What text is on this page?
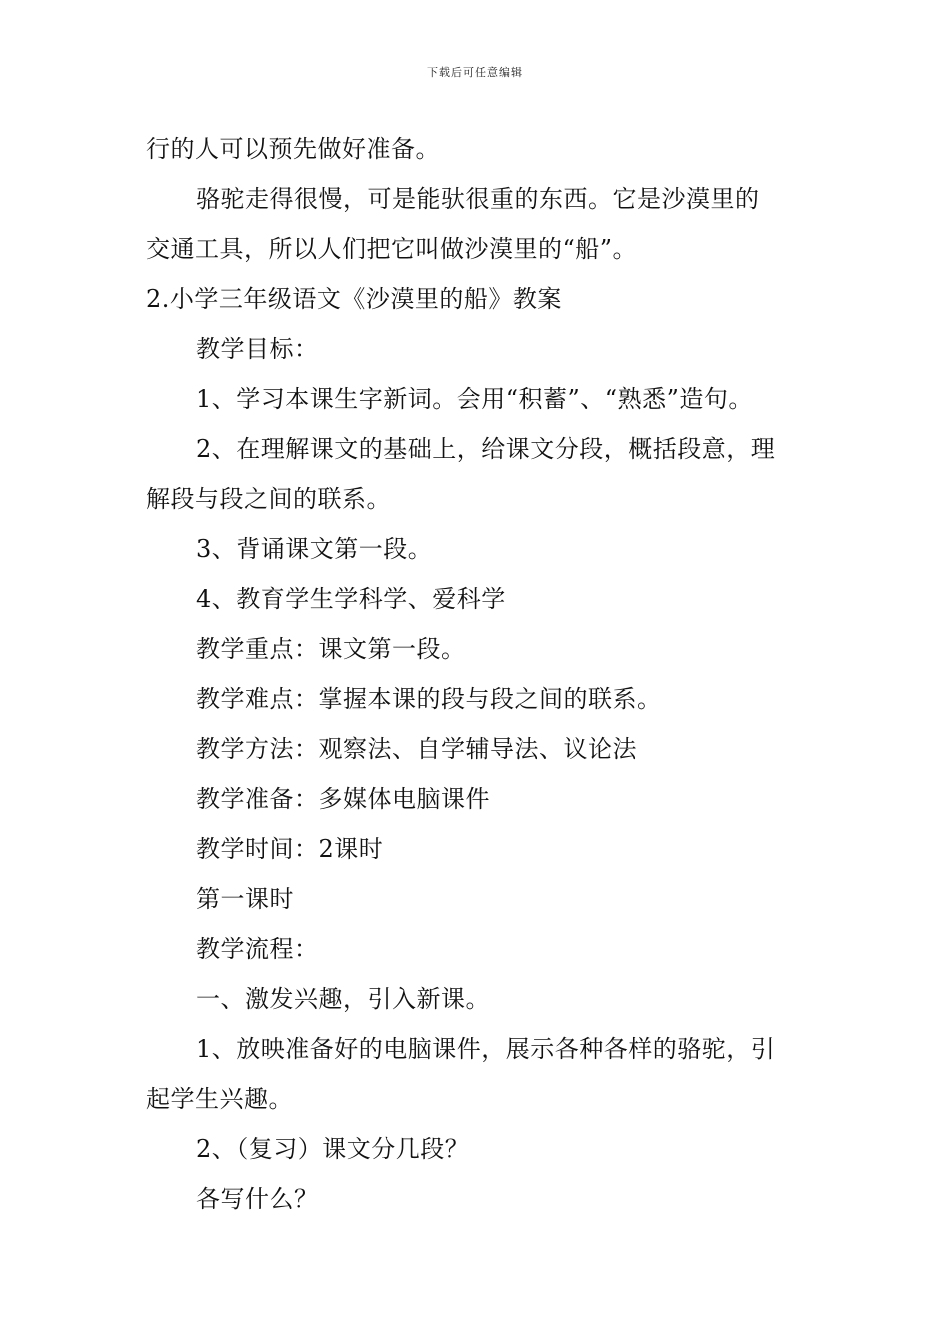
下载后可任意编辑
行的人可以预先做好准备。
骆驼走得很慢，可是能驮很重的东西。它是沙漠里的
交通工具，所以人们把它叫做沙漠里的“船”。
2.小学三年级语文《沙漠里的船》教案
教学目标：
1、学习本课生字新词。会用“积蓄”、“熟悉”造句。
2、在理解课文的基础上，给课文分段，概括段意，理
解段与段之间的联系。
3、背诵课文第一段。
4、教育学生学科学、爱科学
教学重点：课文第一段。
教学难点：掌握本课的段与段之间的联系。
教学方法：观察法、自学辅导法、议论法
教学准备：多媒体电脑课件
教学时间：2课时
第一课时
教学流程：
一、激发兴趣，引入新课。
1、放映准备好的电脑课件，展示各种各样的骆驼，引
起学生兴趣。
2、（复习）课文分几段？
各写什么？
